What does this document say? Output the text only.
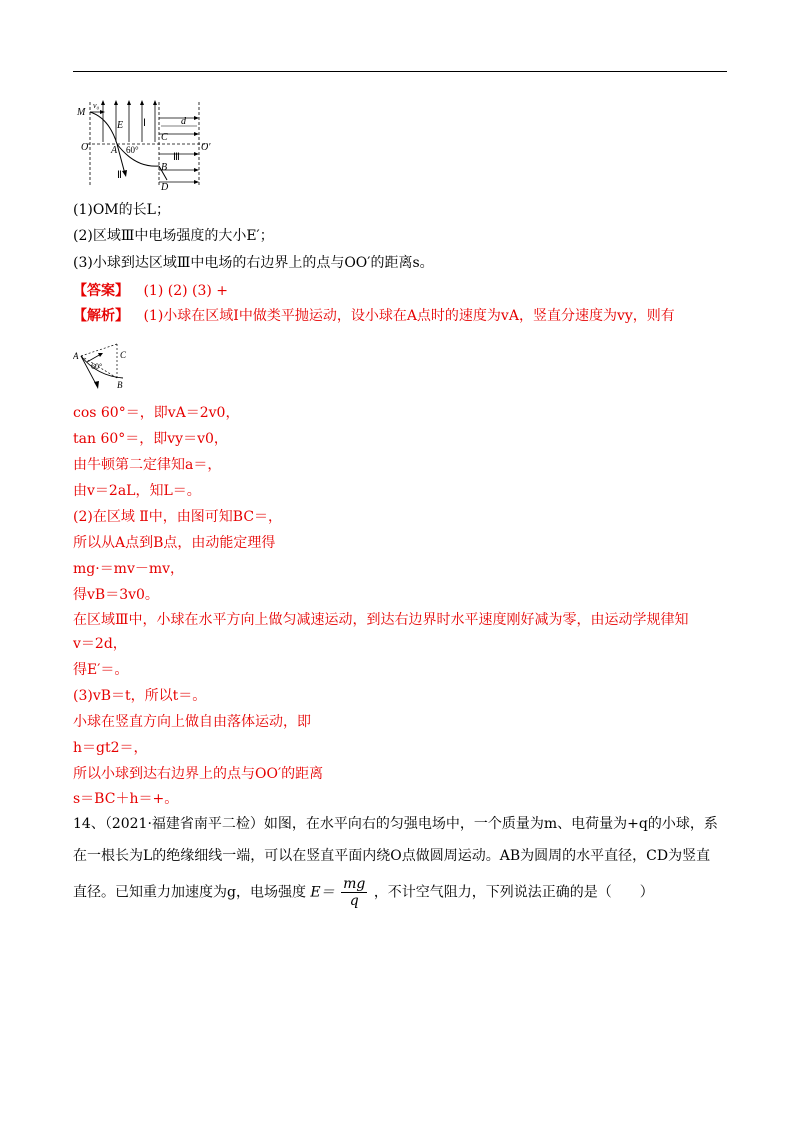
M
v₀
E
O A
C
O′
B
D
d
Ⅰ
Ⅲ
Ⅱ
60°
(1)OM的长L；
(2)区域Ⅲ中电场强度的大小E′；
(3)小球到达区域Ⅲ中电场的右边界上的点与OO′的距离s。
【答案】 (1) (2) (3) +
【解析】 (1)小球在区域Ⅰ中做类平抛运动，设小球在A点时的速度为vA，竖直分速度为vy，则有
A	C
60°
B
cos 60°＝，即vA＝2v0，
tan 60°＝，即vy＝v0，
由牛顿第二定律知a＝，
由v＝2aL，知L＝。
(2)在区域 Ⅱ中，由图可知BC＝，
所以从A点到B点，由动能定理得
mg·＝mv－mv，
得vB＝3v0。
在区域Ⅲ中，小球在水平方向上做匀减速运动，到达右边界时水平速度刚好减为零，由运动学规律知
v＝2d，
得E′＝。
(3)vB＝t，所以t＝。
小球在竖直方向上做自由落体运动，即
h＝gt2＝，
所以小球到达右边界上的点与OO′的距离
s＝BC＋h＝+。
14、（2021·福建省南平二检）如图，在水平向右的匀强电场中，一个质量为m、电荷量为+q的小球，系
在一根长为L的绝缘细线一端，可以在竖直平面内绕O点做圆周运动。AB为圆周的水平直径，CD为竖直
直径。已知重力加速度为g，电场强度 $E= \frac{mg}{q}$ ，不计空气阻力，下列说法正确的是（　　）
